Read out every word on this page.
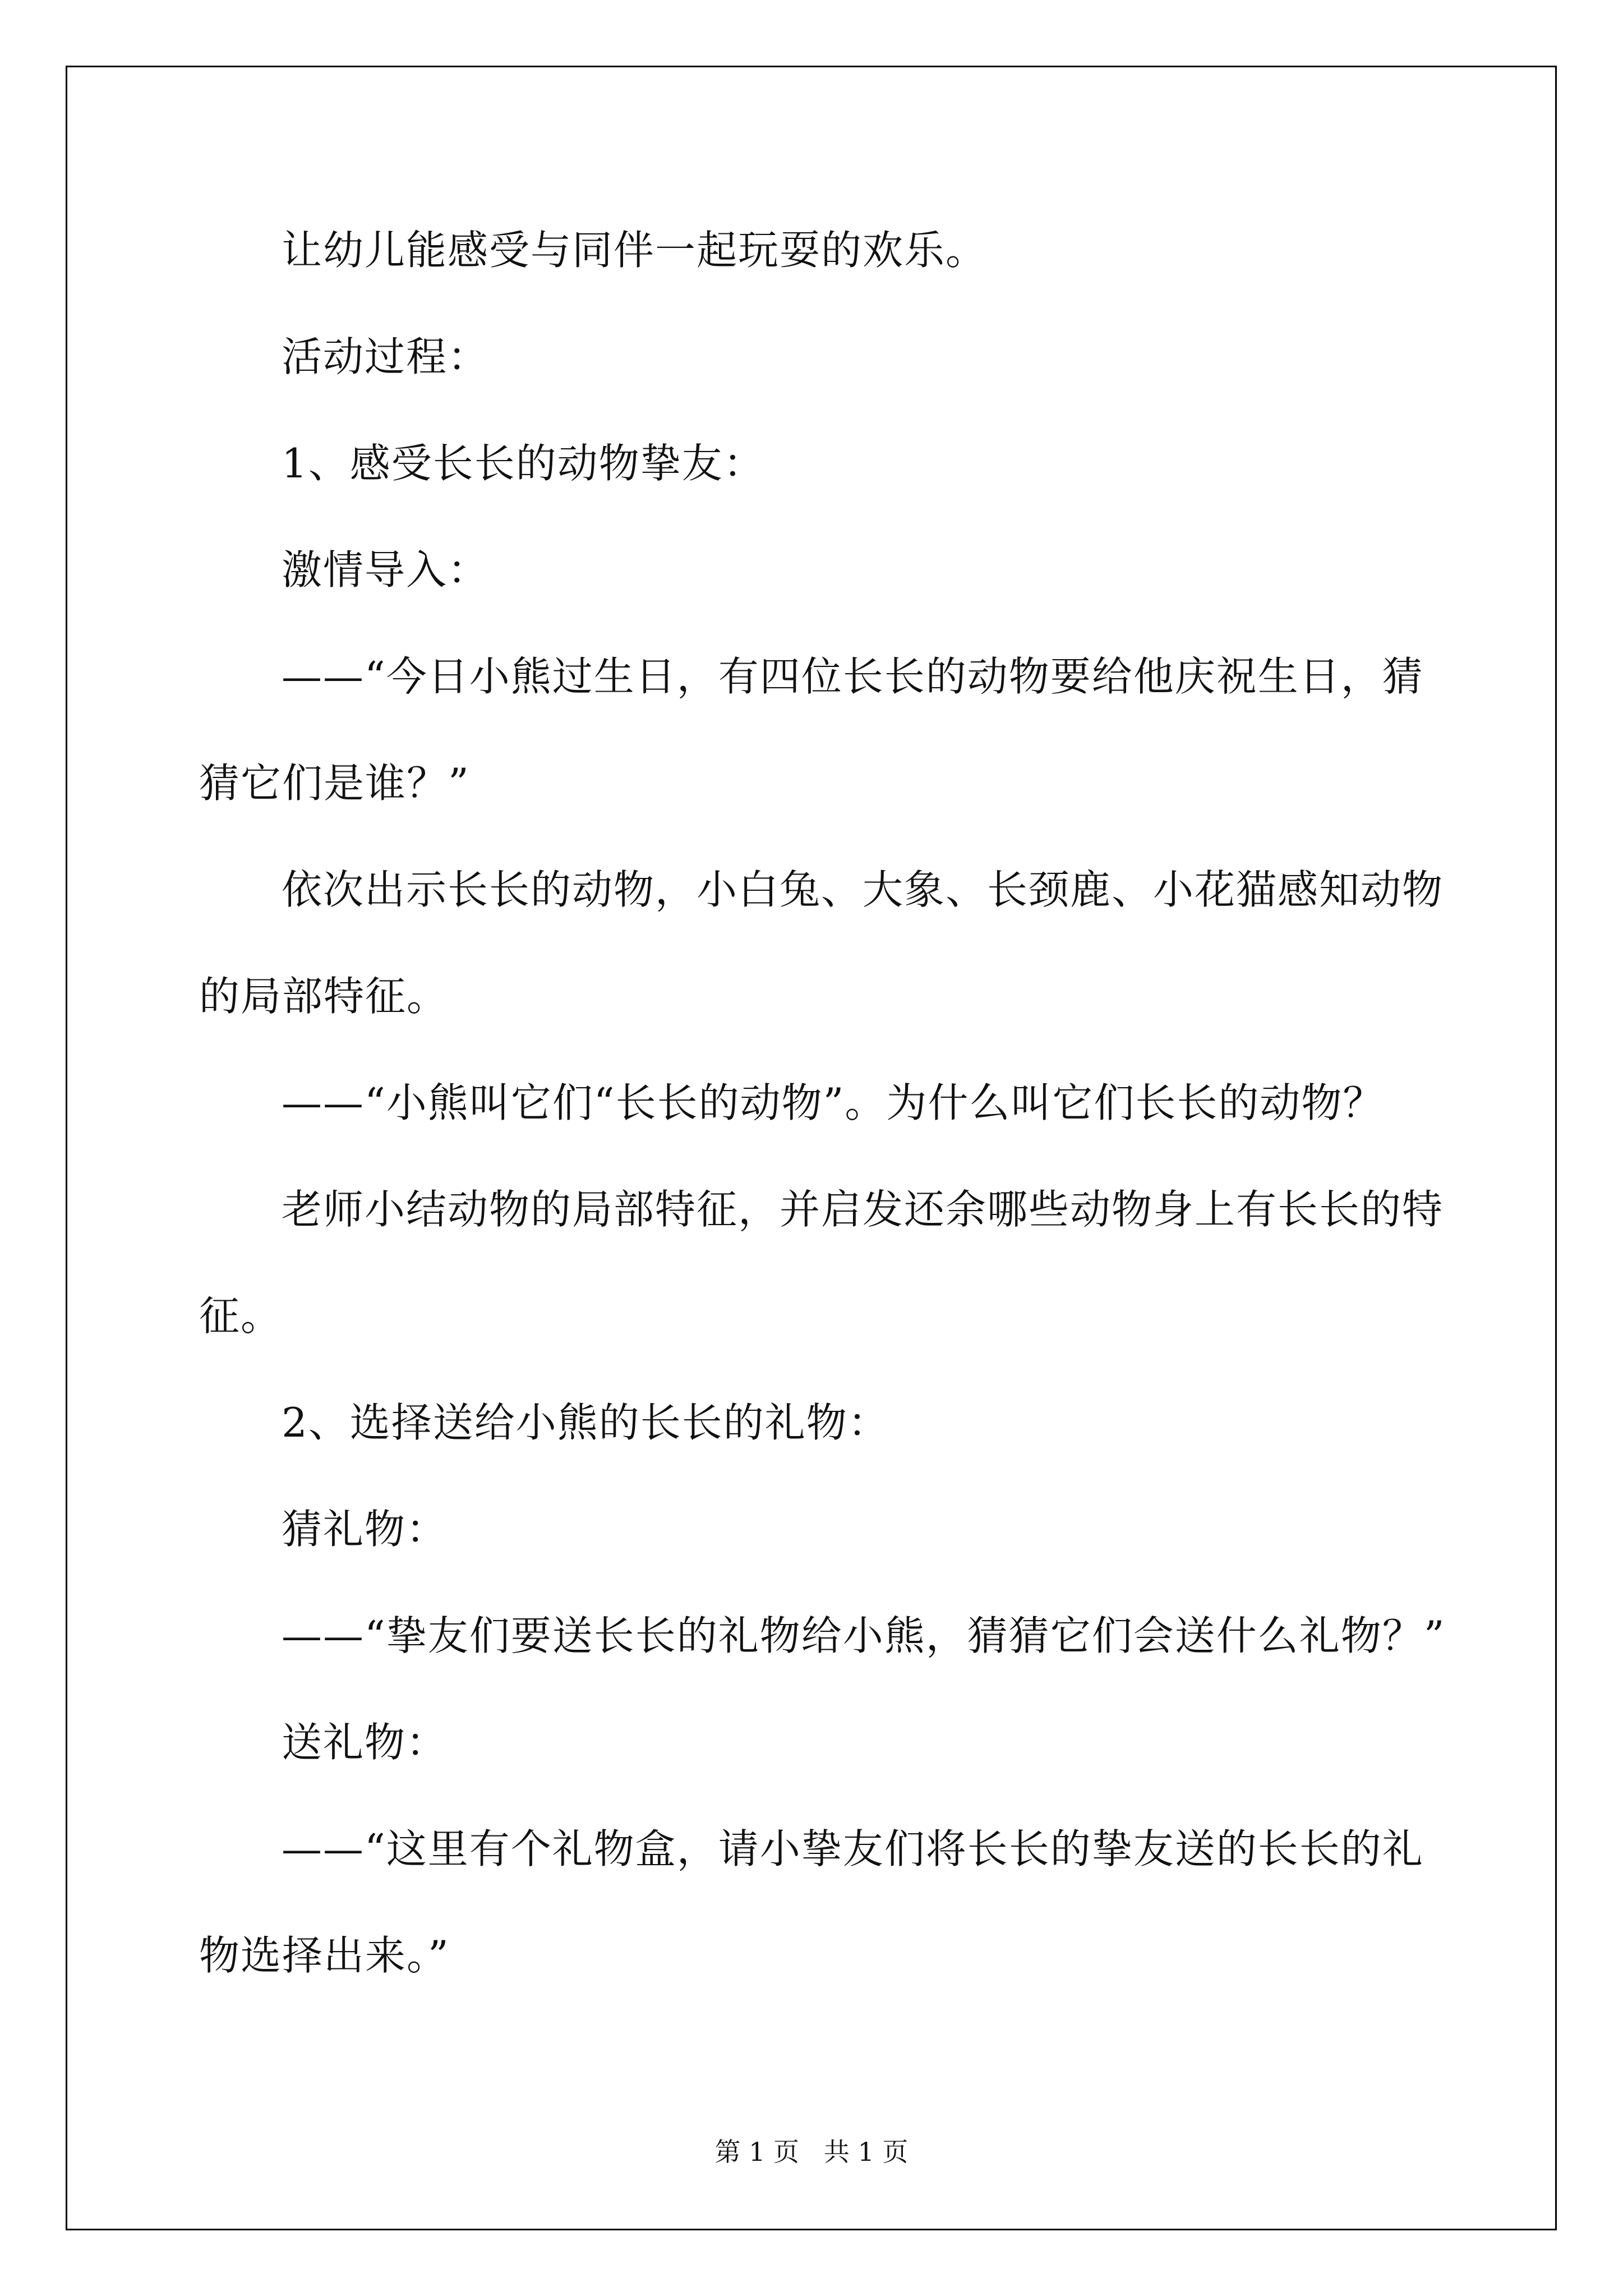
让幼儿能感受与同伴一起玩耍的欢乐。

活动过程：

1、感受长长的动物挚友：

激情导入：

——“今日小熊过生日，有四位长长的动物要给他庆祝生日，猜

猜它们是谁？”

依次出示长长的动物，小白兔、大象、长颈鹿、小花猫感知动物

的局部特征。

——“小熊叫它们“长长的动物”。为什么叫它们长长的动物？

老师小结动物的局部特征，并启发还余哪些动物身上有长长的特

征。

2、选择送给小熊的长长的礼物：

猜礼物：

——“挚友们要送长长的礼物给小熊，猜猜它们会送什么礼物？”

送礼物：

——“这里有个礼物盒，请小挚友们将长长的挚友送的长长的礼

物选择出来。”

第 1 页   共 1 页
